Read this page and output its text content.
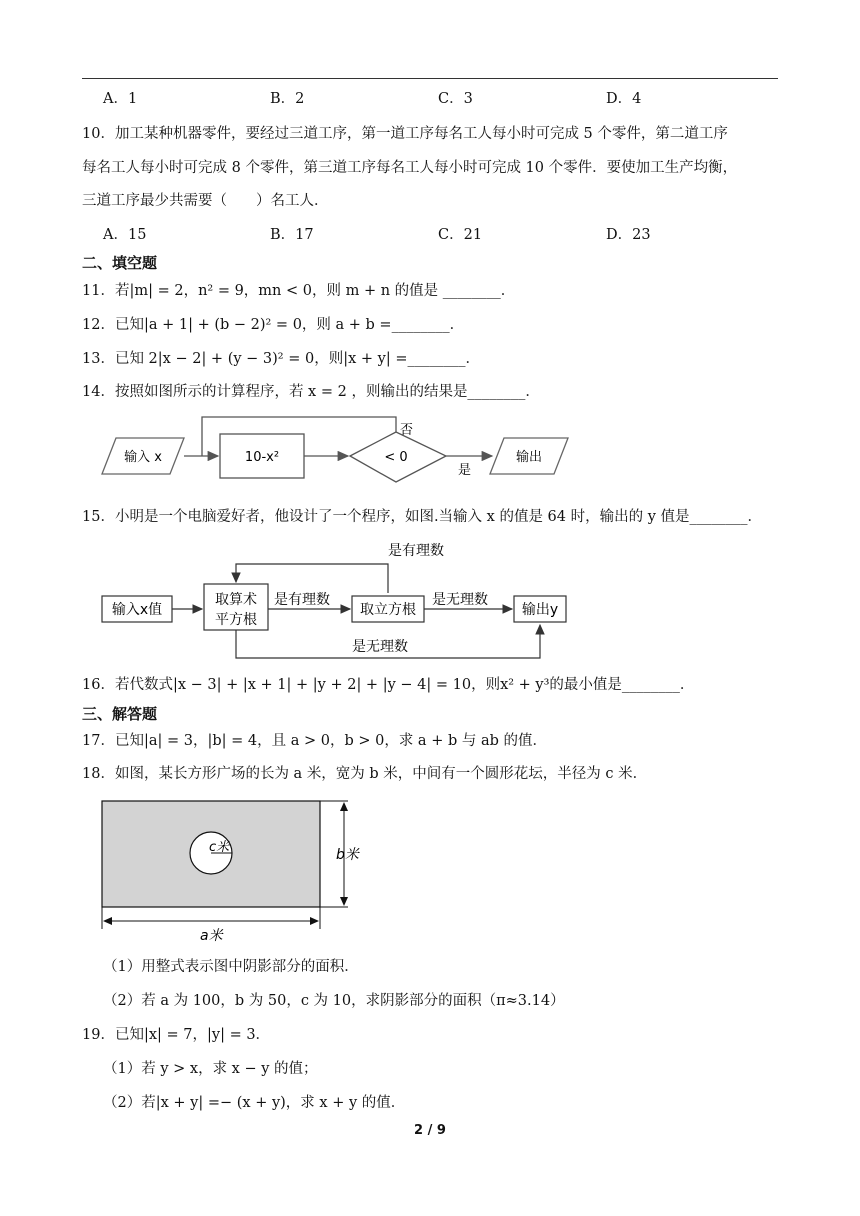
A．1	B．2	C．3	D．4
10．加工某种机器零件，要经过三道工序，第一道工序每名工人每小时可完成 5 个零件，第二道工序
每名工人每小时可完成 8 个零件，第三道工序每名工人每小时可完成 10 个零件．要使加工生产均衡，
三道工序最少共需要（　　）名工人．
A．15	B．17	C．21	D．23
二、填空题
11．若|m| = 2，n² = 9，mn < 0，则 m + n 的值是 ________．
12．已知|a + 1| + (b − 2)² = 0，则 a + b =________．
13．已知 2|x − 2| + (y − 3)² = 0，则|x + y| =________．
14．按照如图所示的计算程序，若 x = 2 ，则输出的结果是________．
输入 x	10-x²	< 0
否
是
输出
15．小明是一个电脑爱好者，他设计了一个程序，如图.当输入 x 的值是 64 时，输出的 y 值是________．
是有理数
输入x值
取算术
平方根
是有理数
取立方根
是无理数
输出y
是无理数
16．若代数式|x − 3| + |x + 1| + |y + 2| + |y − 4| = 10，则x² + y³的最小值是________．
三、解答题
17．已知|a| = 3，|b| = 4，且 a > 0，b > 0，求 a + b 与 ab 的值．
18．如图，某长方形广场的长为 a 米，宽为 b 米，中间有一个圆形花坛，半径为 c 米．
c米	b米
a米
（1）用整式表示图中阴影部分的面积．
（2）若 a 为 100，b 为 50，c 为 10，求阴影部分的面积（π≈3.14）
19．已知|x| = 7，|y| = 3．
（1）若 y > x，求 x − y 的值；
（2）若|x + y| =− (x + y)，求 x + y 的值．
2 / 9
